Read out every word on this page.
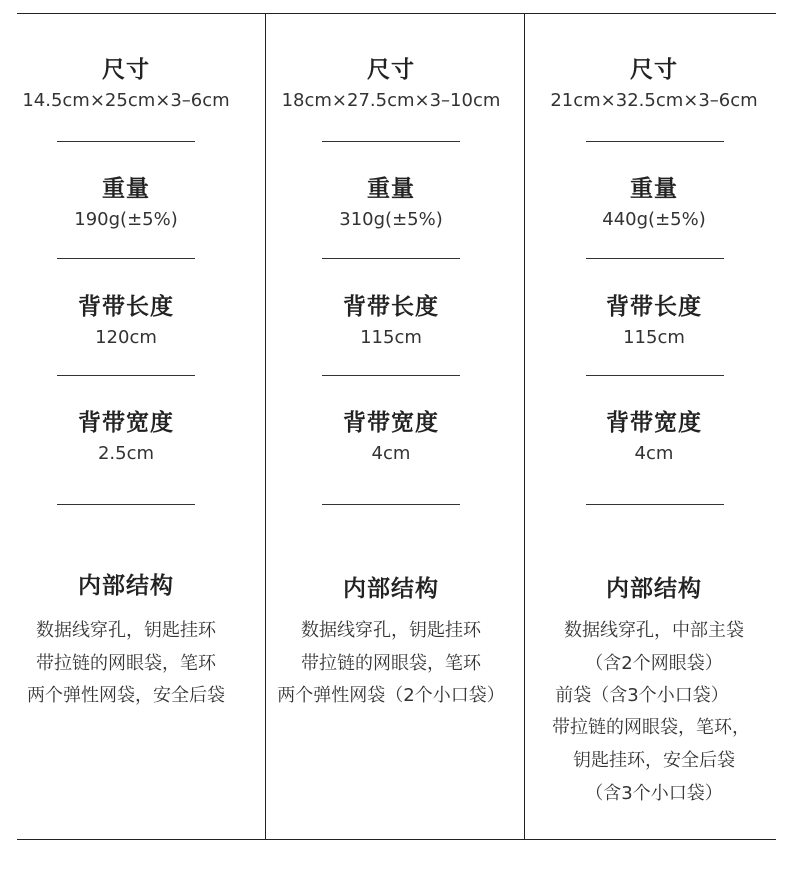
尺寸
14.5cm×25cm×3–6cm
重量
190g(±5%)
背带长度
120cm
背带宽度
2.5cm
内部结构
数据线穿孔，钥匙挂环
带拉链的网眼袋，笔环
两个弹性网袋，安全后袋
尺寸
18cm×27.5cm×3–10cm
重量
310g(±5%)
背带长度
115cm
背带宽度
4cm
内部结构
数据线穿孔，钥匙挂环
带拉链的网眼袋，笔环
两个弹性网袋（2个小口袋）
尺寸
21cm×32.5cm×3–6cm
重量
440g(±5%)
背带长度
115cm
背带宽度
4cm
内部结构
数据线穿孔，中部主袋
（含2个网眼袋）
前袋（含3个小口袋）
带拉链的网眼袋，笔环，
钥匙挂环，安全后袋
（含3个小口袋）
